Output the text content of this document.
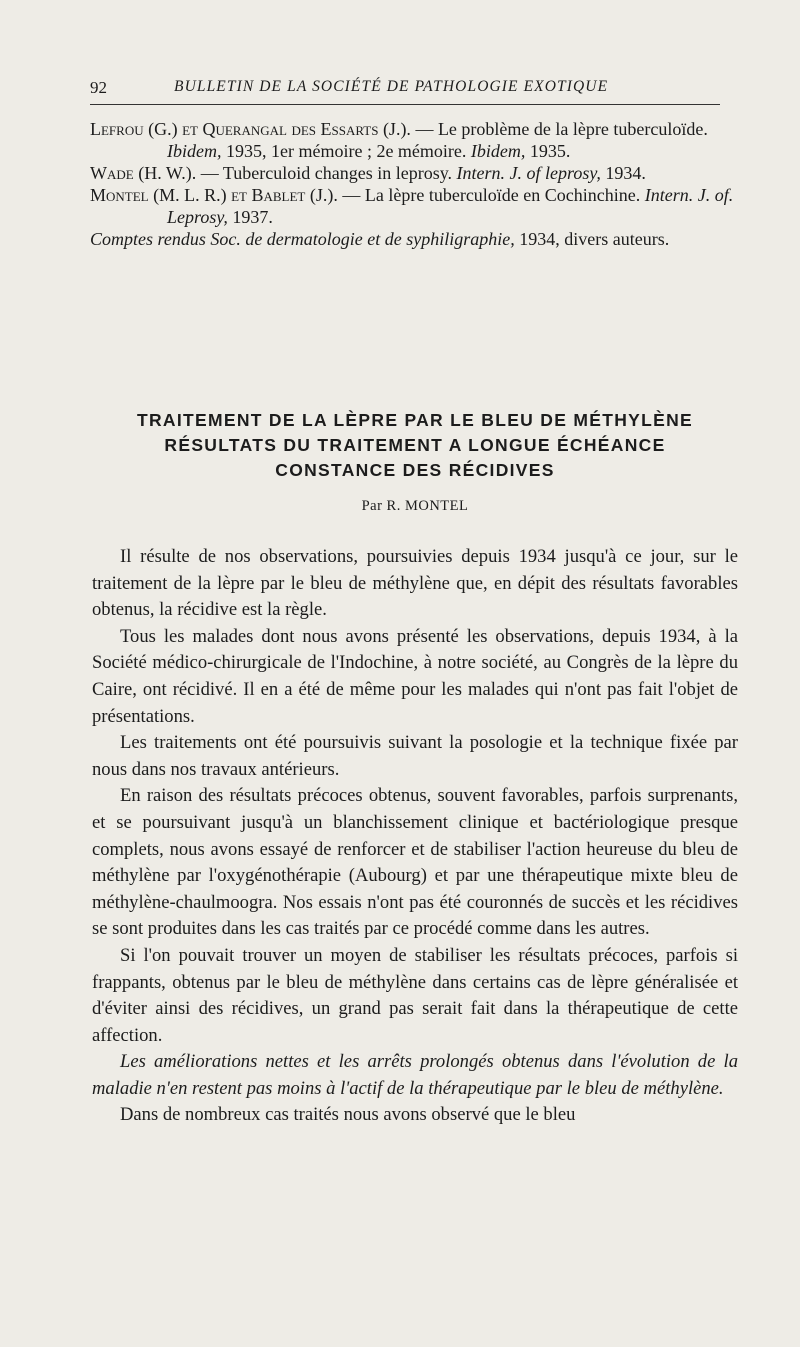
92	BULLETIN DE LA SOCIÉTÉ DE PATHOLOGIE EXOTIQUE

Lefrou (G.) et Querangal des Essarts (J.). — Le problème de la lèpre tuberculoïde. Ibidem, 1935, 1er mémoire ; 2e mémoire. Ibidem, 1935.

Wade (H. W.). — Tuberculoid changes in leprosy. Intern. J. of leprosy, 1934.

Montel (M. L. R.) et Bablet (J.). — La lèpre tuberculoïde en Cochinchine. Intern. J. of. Leprosy, 1937.

Comptes rendus Soc. de dermatologie et de syphiligraphie, 1934, divers auteurs.

TRAITEMENT DE LA LÈPRE PAR LE BLEU DE MÉTHYLÈNE
RÉSULTATS DU TRAITEMENT A LONGUE ÉCHÉANCE
CONSTANCE DES RÉCIDIVES
Par R. MONTEL

Il résulte de nos observations, poursuivies depuis 1934 jusqu'à ce jour, sur le traitement de la lèpre par le bleu de méthylène que, en dépit des résultats favorables obtenus, la récidive est la règle.

Tous les malades dont nous avons présenté les observations, depuis 1934, à la Société médico-chirurgicale de l'Indochine, à notre société, au Congrès de la lèpre du Caire, ont récidivé. Il en a été de même pour les malades qui n'ont pas fait l'objet de présentations.

Les traitements ont été poursuivis suivant la posologie et la technique fixée par nous dans nos travaux antérieurs.

En raison des résultats précoces obtenus, souvent favorables, parfois surprenants, et se poursuivant jusqu'à un blanchissement clinique et bactériologique presque complets, nous avons essayé de renforcer et de stabiliser l'action heureuse du bleu de méthylène par l'oxygénothérapie (Aubourg) et par une thérapeutique mixte bleu de méthylène-chaulmoogra. Nos essais n'ont pas été couronnés de succès et les récidives se sont produites dans les cas traités par ce procédé comme dans les autres.

Si l'on pouvait trouver un moyen de stabiliser les résultats précoces, parfois si frappants, obtenus par le bleu de méthylène dans certains cas de lèpre généralisée et d'éviter ainsi des récidives, un grand pas serait fait dans la thérapeutique de cette affection.

Les améliorations nettes et les arrêts prolongés obtenus dans l'évolution de la maladie n'en restent pas moins à l'actif de la thérapeutique par le bleu de méthylène.

Dans de nombreux cas traités nous avons observé que le bleu
